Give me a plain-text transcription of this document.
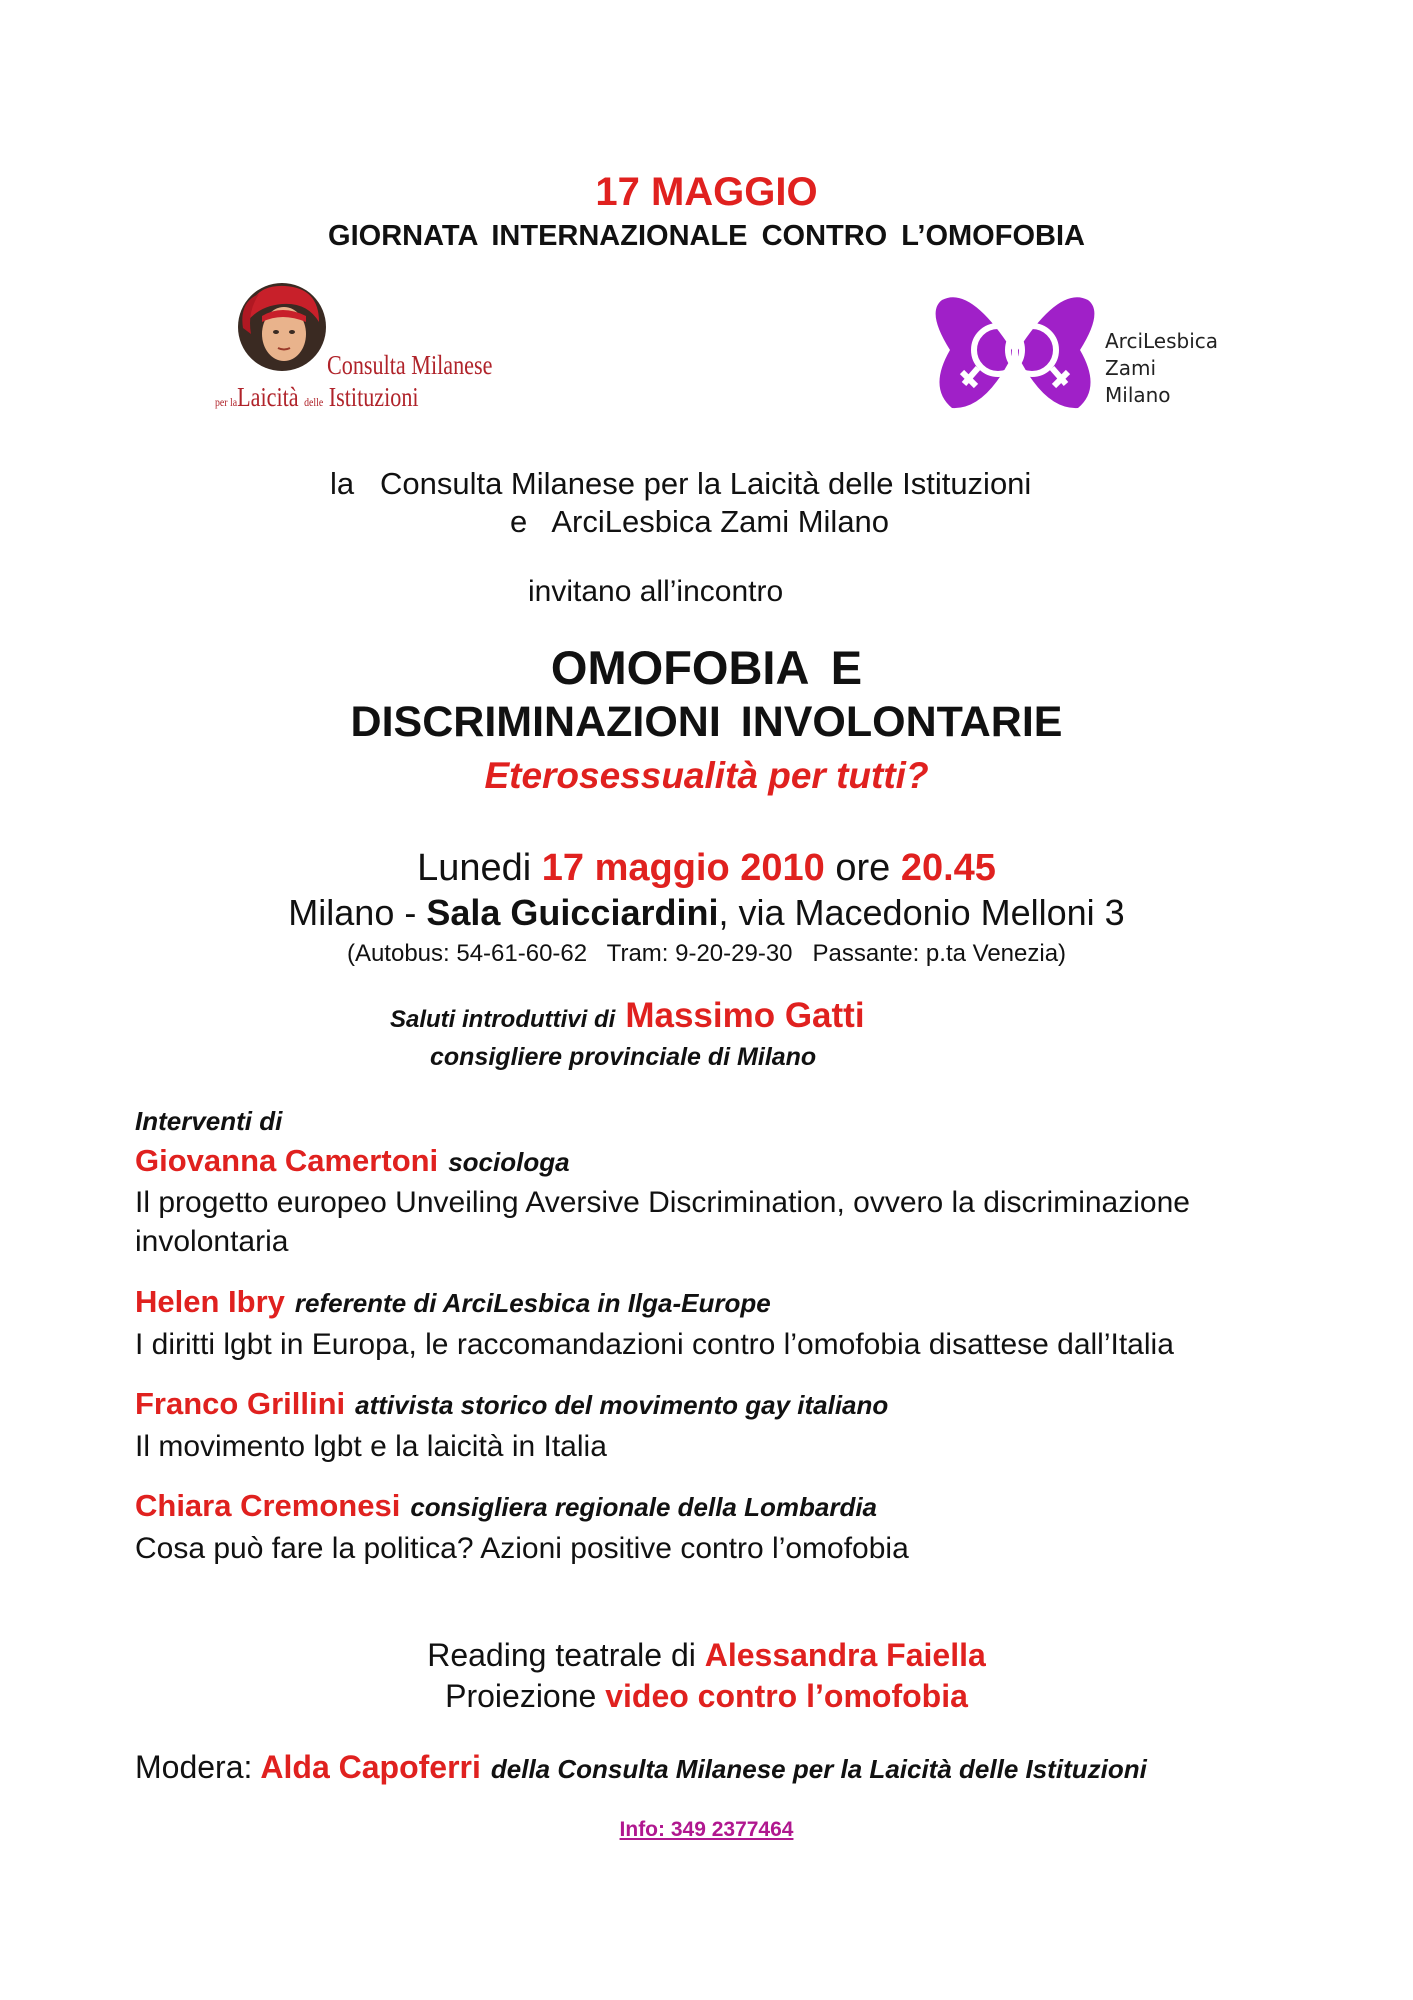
17 MAGGIO
GIORNATA INTERNAZIONALE CONTRO L’OMOFOBIA
Consulta Milanese
per laLaicità delle Istituzioni
ArciLesbica
Zami
Milano
la   Consulta Milanese per la Laicità delle Istituzioni
e   ArciLesbica Zami Milano
invitano all’incontro
OMOFOBIA E
DISCRIMINAZIONI INVOLONTARIE
Eterosessualità per tutti?
Lunedi 17 maggio 2010 ore 20.45
Milano - Sala Guicciardini, via Macedonio Melloni 3
(Autobus: 54-61-60-62   Tram: 9-20-29-30   Passante: p.ta Venezia)
Saluti introduttivi di Massimo Gatti
consigliere provinciale di Milano
Interventi di
Giovanna Camertoni sociologa
Il progetto europeo Unveiling Aversive Discrimination, ovvero la discriminazione involontaria
Helen Ibry referente di ArciLesbica in Ilga-Europe
I diritti lgbt in Europa, le raccomandazioni contro l’omofobia disattese dall’Italia
Franco Grillini attivista storico del movimento gay italiano
Il movimento lgbt e la laicità in Italia
Chiara Cremonesi consigliera regionale della Lombardia
Cosa può fare la politica? Azioni positive contro l’omofobia
Reading teatrale di Alessandra Faiella
Proiezione video contro l’omofobia
Modera: Alda Capoferri della Consulta Milanese per la Laicità delle Istituzioni
Info: 349 2377464
